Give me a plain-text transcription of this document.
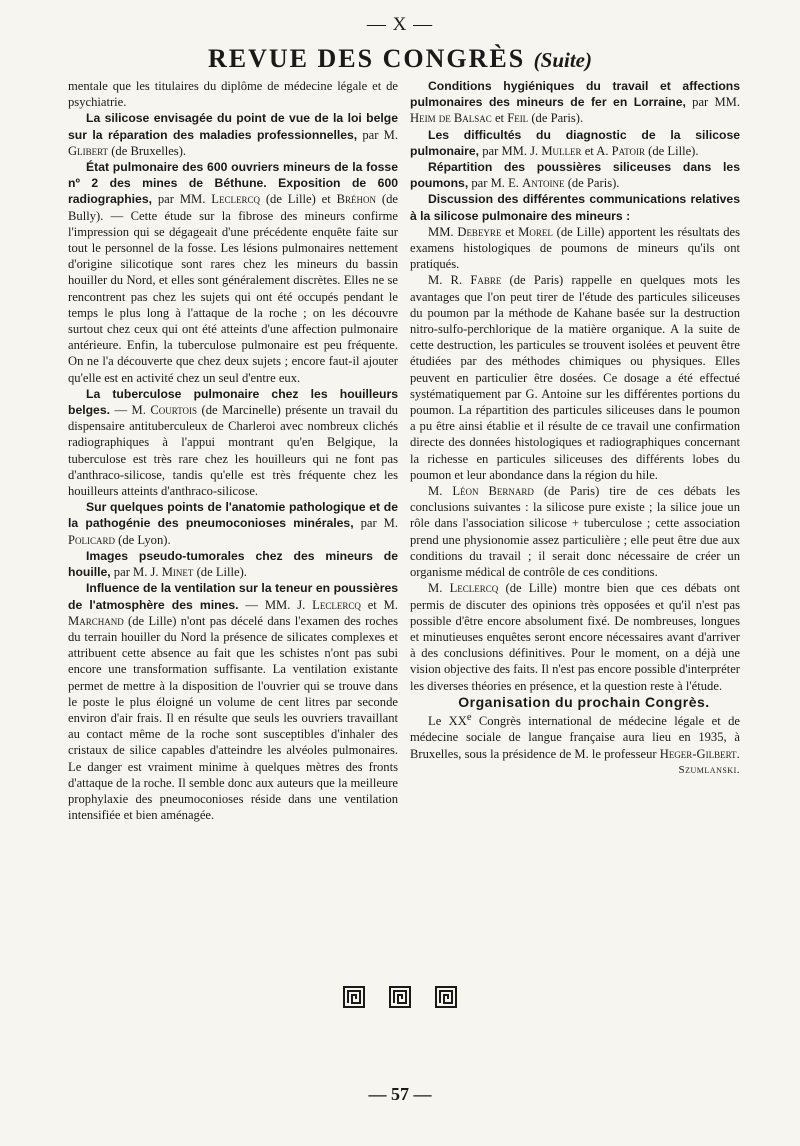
— X —
REVUE DES CONGRÈS (Suite)

mentale que les titulaires du diplôme de médecine légale et de psychiatrie.

La silicose envisagée du point de vue de la loi belge sur la réparation des maladies professionnelles, par M. Glibert (de Bruxelles).

État pulmonaire des 600 ouvriers mineurs de la fosse nº 2 des mines de Béthune. Exposition de 600 radiographies, par MM. Leclercq (de Lille) et Bréhon (de Bully). — Cette étude sur la fibrose des mineurs confirme l'impression qui se dégageait d'une précédente enquête faite sur tout le personnel de la fosse. Les lésions pulmonaires nettement d'origine silicotique sont rares chez les mineurs du bassin houiller du Nord, et elles sont généralement discrètes. Elles ne se rencontrent pas chez les sujets qui ont été occupés pendant le temps le plus long à l'attaque de la roche ; on les découvre surtout chez ceux qui ont été atteints d'une affection pulmonaire antérieure. Enfin, la tuberculose pulmonaire est peu fréquente. On ne l'a découverte que chez deux sujets ; encore faut-il ajouter qu'elle est en activité chez un seul d'entre eux.

La tuberculose pulmonaire chez les houilleurs belges. — M. Courtois (de Marcinelle) présente un travail du dispensaire antituberculeux de Charleroi avec nombreux clichés radiographiques à l'appui montrant qu'en Belgique, la tuberculose est très rare chez les houilleurs qui ne font pas d'anthraco-silicose, tandis qu'elle est très fréquente chez les houilleurs atteints d'anthraco-silicose.

Sur quelques points de l'anatomie pathologique et de la pathogénie des pneumoconioses minérales, par M. Policard (de Lyon).

Images pseudo-tumorales chez des mineurs de houille, par M. J. Minet (de Lille).

Influence de la ventilation sur la teneur en poussières de l'atmosphère des mines. — MM. J. Leclercq et M. Marchand (de Lille) n'ont pas décelé dans l'examen des roches du terrain houiller du Nord la présence de silicates complexes et attribuent cette absence au fait que les schistes n'ont pas subi encore une transformation suffisante. La ventilation existante permet de mettre à la disposition de l'ouvrier qui se trouve dans le poste le plus éloigné un volume de cent litres par seconde environ d'air frais. Il en résulte que seuls les ouvriers travaillant au contact même de la roche sont susceptibles d'inhaler des cristaux de silice capables d'atteindre les alvéoles pulmonaires. Le danger est vraiment minime à quelques mètres des fronts d'attaque de la roche. Il semble donc aux auteurs que la meilleure prophylaxie des pneumoconioses réside dans une ventilation intensifiée et bien aménagée.

Conditions hygiéniques du travail et affections pulmonaires des mineurs de fer en Lorraine, par MM. Heim de Balsac et Feil (de Paris).

Les difficultés du diagnostic de la silicose pulmonaire, par MM. J. Muller et A. Patoir (de Lille).

Répartition des poussières siliceuses dans les poumons, par M. E. Antoine (de Paris).

Discussion des différentes communications relatives à la silicose pulmonaire des mineurs :

MM. Debeyre et Morel (de Lille) apportent les résultats des examens histologiques de poumons de mineurs qu'ils ont pratiqués.

M. R. Fabre (de Paris) rappelle en quelques mots les avantages que l'on peut tirer de l'étude des particules siliceuses du poumon par la méthode de Kahane basée sur la destruction nitro-sulfo-perchlorique de la matière organique. A la suite de cette destruction, les particules se trouvent isolées et peuvent être étudiées par des méthodes chimiques ou physiques. Elles peuvent en particulier être dosées. Ce dosage a été effectué systématiquement par G. Antoine sur les différentes portions du poumon. La répartition des particules siliceuses dans le poumon a pu être ainsi établie et il résulte de ce travail une confirmation directe des données histologiques et radiographiques concernant la richesse en particules siliceuses des différents lobes du poumon et leur abondance dans la région du hile.

M. Léon Bernard (de Paris) tire de ces débats les conclusions suivantes : la silicose pure existe ; la silice joue un rôle dans l'association silicose + tuberculose ; cette association prend une physionomie assez particulière ; elle peut être due aux conditions du travail ; il serait donc nécessaire de créer un organisme médical de contrôle de ces conditions.

M. Leclercq (de Lille) montre bien que ces débats ont permis de discuter des opinions très opposées et qu'il n'est pas possible d'être encore absolument fixé. De nombreuses, longues et minutieuses enquêtes seront encore nécessaires avant d'arriver à des conclusions définitives. Pour le moment, on a déjà une vision objective des faits. Il n'est pas encore possible d'interpréter les diverses théories en présence, et la question reste à l'étude.

Organisation du prochain Congrès.

Le XXe Congrès international de médecine légale et de médecine sociale de langue française aura lieu en 1935, à Bruxelles, sous la présidence de M. le professeur Heger-Gilbert.

Szumlanski.

— 57 —
